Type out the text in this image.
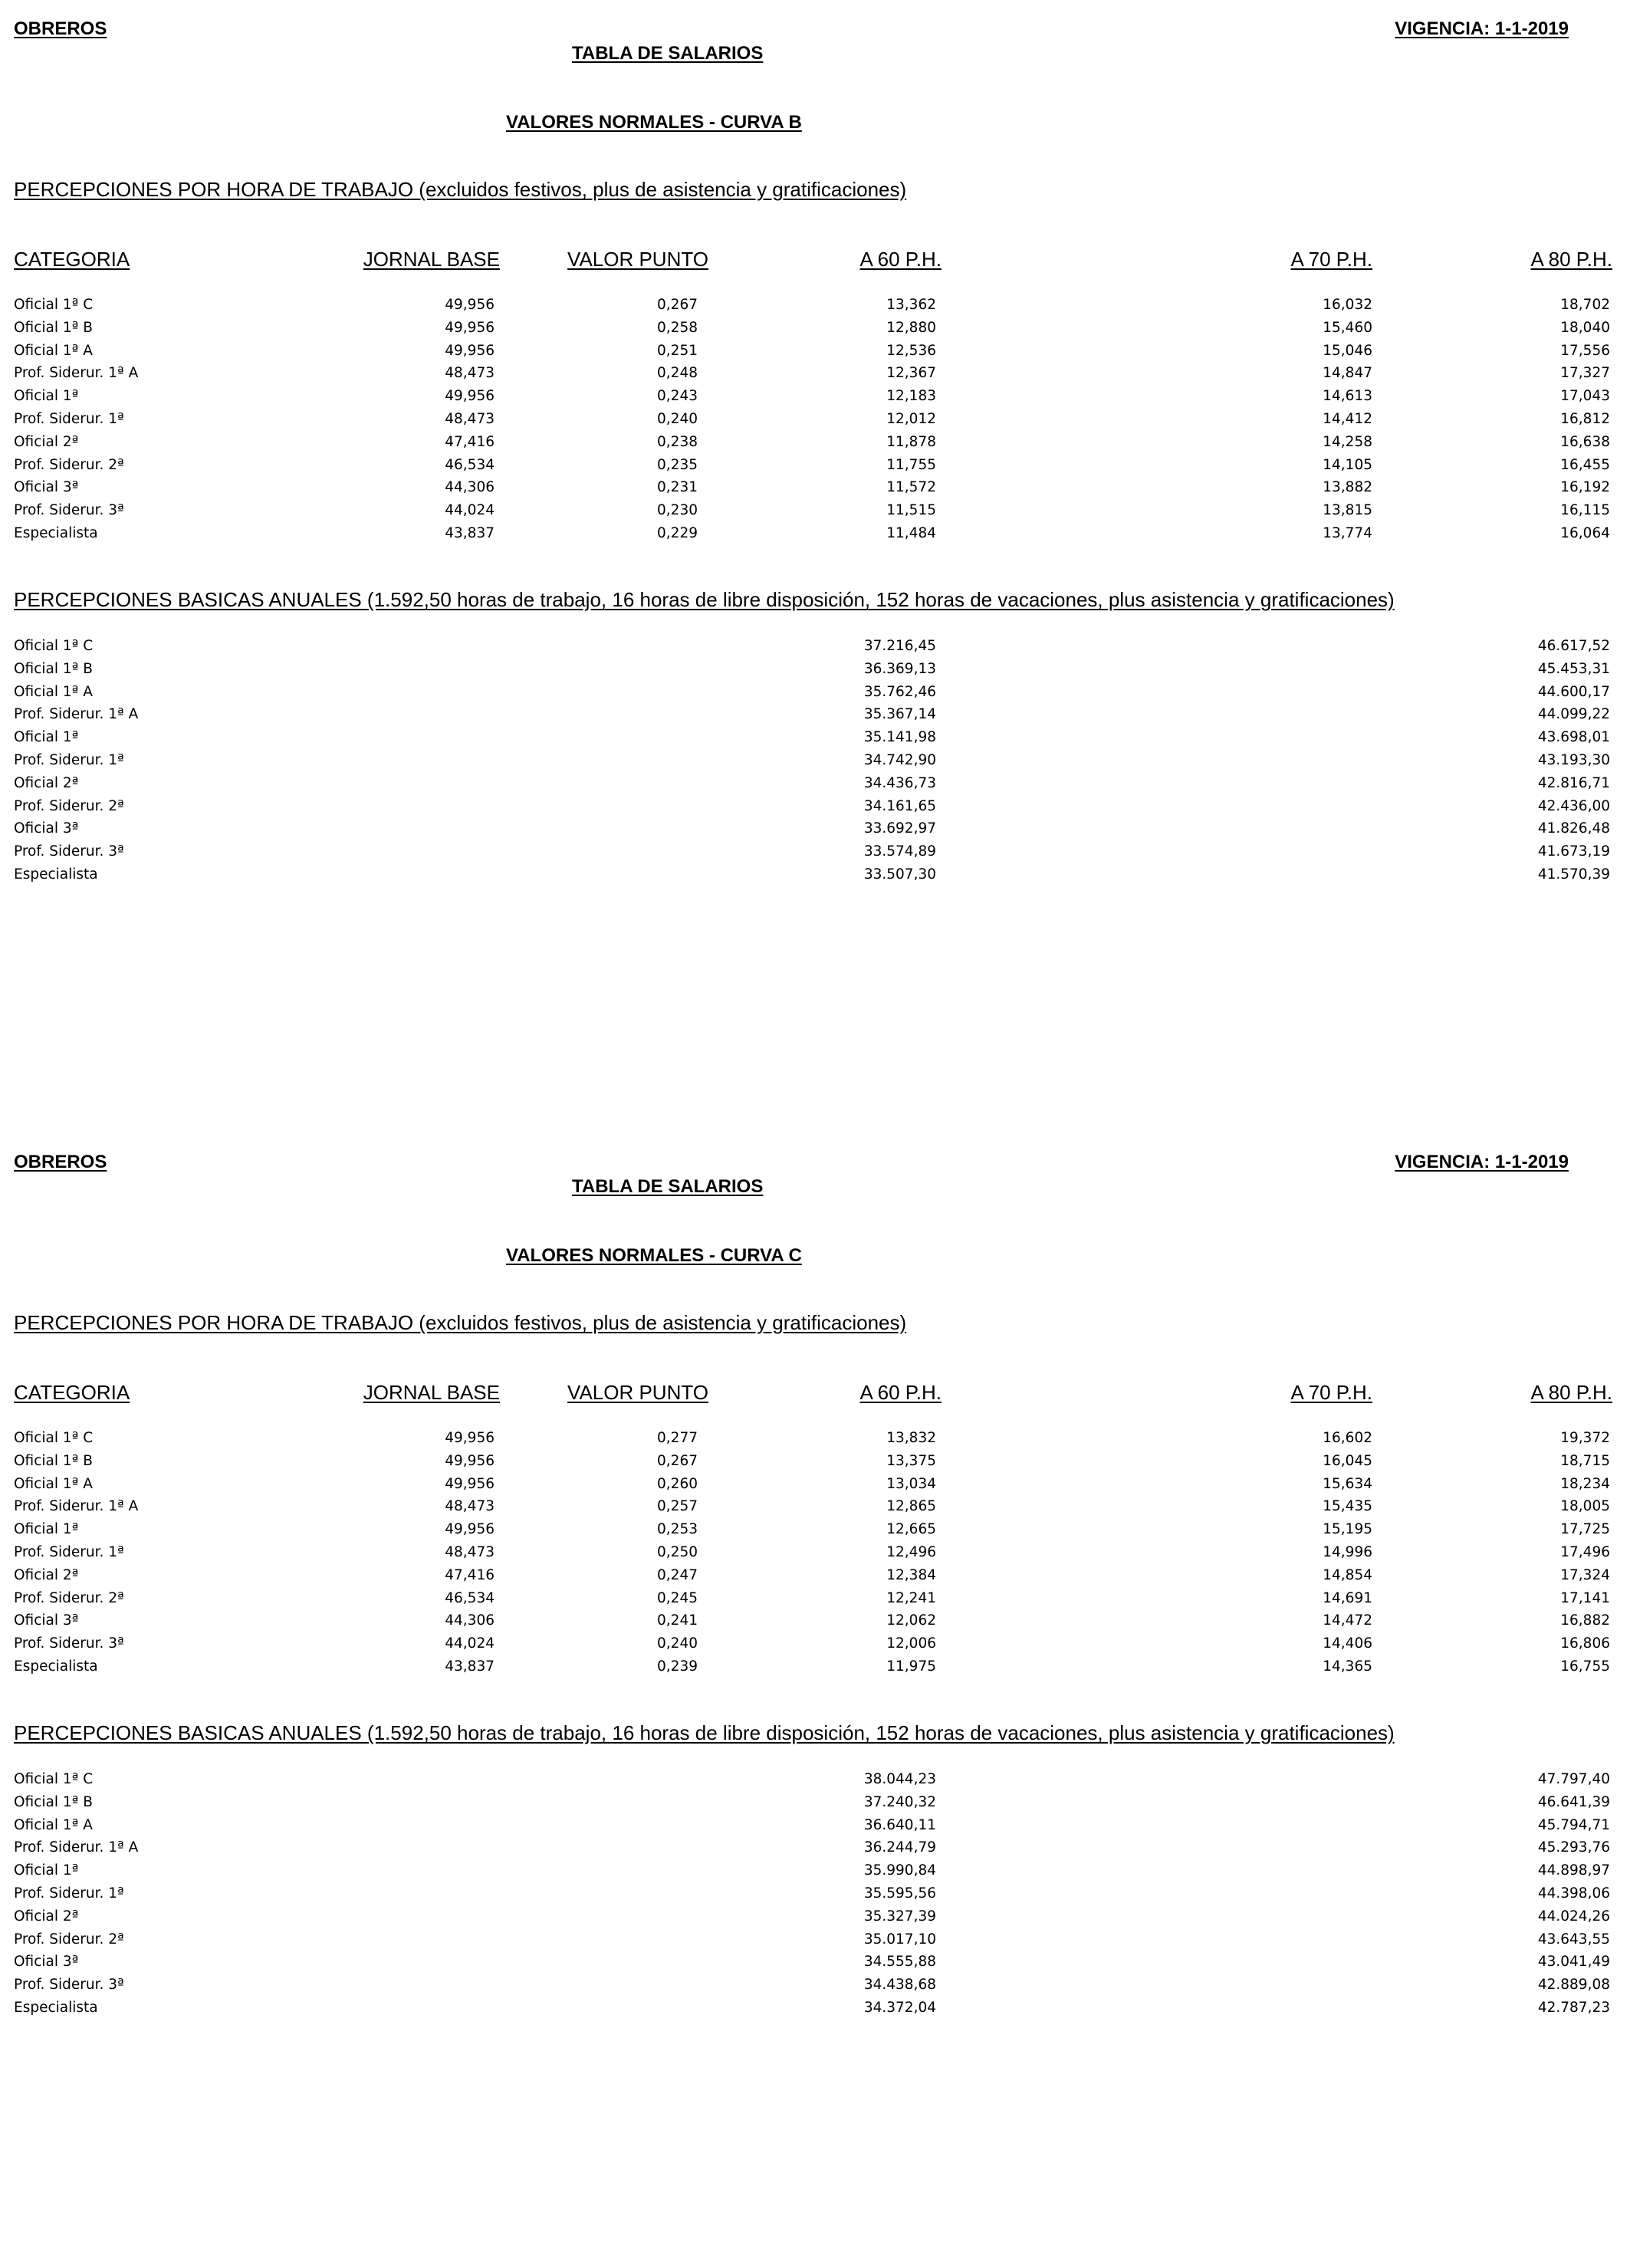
OBREROS
TABLA DE SALARIOS
VIGENCIA: 1-1-2019
VALORES NORMALES - CURVA B
PERCEPCIONES POR HORA DE TRABAJO (excluidos festivos, plus de asistencia y gratificaciones)
CATEGORIA	JORNAL BASE	VALOR PUNTO	A 60 P.H.	A 70 P.H.	A 80 P.H.
Oficial 1ª C	49,956	0,267	13,362	16,032	18,702
Oficial 1ª B	49,956	0,258	12,880	15,460	18,040
Oficial 1ª A	49,956	0,251	12,536	15,046	17,556
Prof. Siderur. 1ª A	48,473	0,248	12,367	14,847	17,327
Oficial 1ª	49,956	0,243	12,183	14,613	17,043
Prof. Siderur. 1ª	48,473	0,240	12,012	14,412	16,812
Oficial 2ª	47,416	0,238	11,878	14,258	16,638
Prof. Siderur. 2ª	46,534	0,235	11,755	14,105	16,455
Oficial 3ª	44,306	0,231	11,572	13,882	16,192
Prof. Siderur. 3ª	44,024	0,230	11,515	13,815	16,115
Especialista	43,837	0,229	11,484	13,774	16,064
PERCEPCIONES BASICAS ANUALES (1.592,50 horas de trabajo, 16 horas de libre disposición, 152 horas de vacaciones, plus asistencia y gratificaciones)
Oficial 1ª C	37.216,45	46.617,52
Oficial 1ª B	36.369,13	45.453,31
Oficial 1ª A	35.762,46	44.600,17
Prof. Siderur. 1ª A	35.367,14	44.099,22
Oficial 1ª	35.141,98	43.698,01
Prof. Siderur. 1ª	34.742,90	43.193,30
Oficial 2ª	34.436,73	42.816,71
Prof. Siderur. 2ª	34.161,65	42.436,00
Oficial 3ª	33.692,97	41.826,48
Prof. Siderur. 3ª	33.574,89	41.673,19
Especialista	33.507,30	41.570,39
OBREROS
TABLA DE SALARIOS
VIGENCIA: 1-1-2019
VALORES NORMALES - CURVA C
PERCEPCIONES POR HORA DE TRABAJO (excluidos festivos, plus de asistencia y gratificaciones)
CATEGORIA	JORNAL BASE	VALOR PUNTO	A 60 P.H.	A 70 P.H.	A 80 P.H.
Oficial 1ª C	49,956	0,277	13,832	16,602	19,372
Oficial 1ª B	49,956	0,267	13,375	16,045	18,715
Oficial 1ª A	49,956	0,260	13,034	15,634	18,234
Prof. Siderur. 1ª A	48,473	0,257	12,865	15,435	18,005
Oficial 1ª	49,956	0,253	12,665	15,195	17,725
Prof. Siderur. 1ª	48,473	0,250	12,496	14,996	17,496
Oficial 2ª	47,416	0,247	12,384	14,854	17,324
Prof. Siderur. 2ª	46,534	0,245	12,241	14,691	17,141
Oficial 3ª	44,306	0,241	12,062	14,472	16,882
Prof. Siderur. 3ª	44,024	0,240	12,006	14,406	16,806
Especialista	43,837	0,239	11,975	14,365	16,755
PERCEPCIONES BASICAS ANUALES (1.592,50 horas de trabajo, 16 horas de libre disposición, 152 horas de vacaciones, plus asistencia y gratificaciones)
Oficial 1ª C	38.044,23	47.797,40
Oficial 1ª B	37.240,32	46.641,39
Oficial 1ª A	36.640,11	45.794,71
Prof. Siderur. 1ª A	36.244,79	45.293,76
Oficial 1ª	35.990,84	44.898,97
Prof. Siderur. 1ª	35.595,56	44.398,06
Oficial 2ª	35.327,39	44.024,26
Prof. Siderur. 2ª	35.017,10	43.643,55
Oficial 3ª	34.555,88	43.041,49
Prof. Siderur. 3ª	34.438,68	42.889,08
Especialista	34.372,04	42.787,23
